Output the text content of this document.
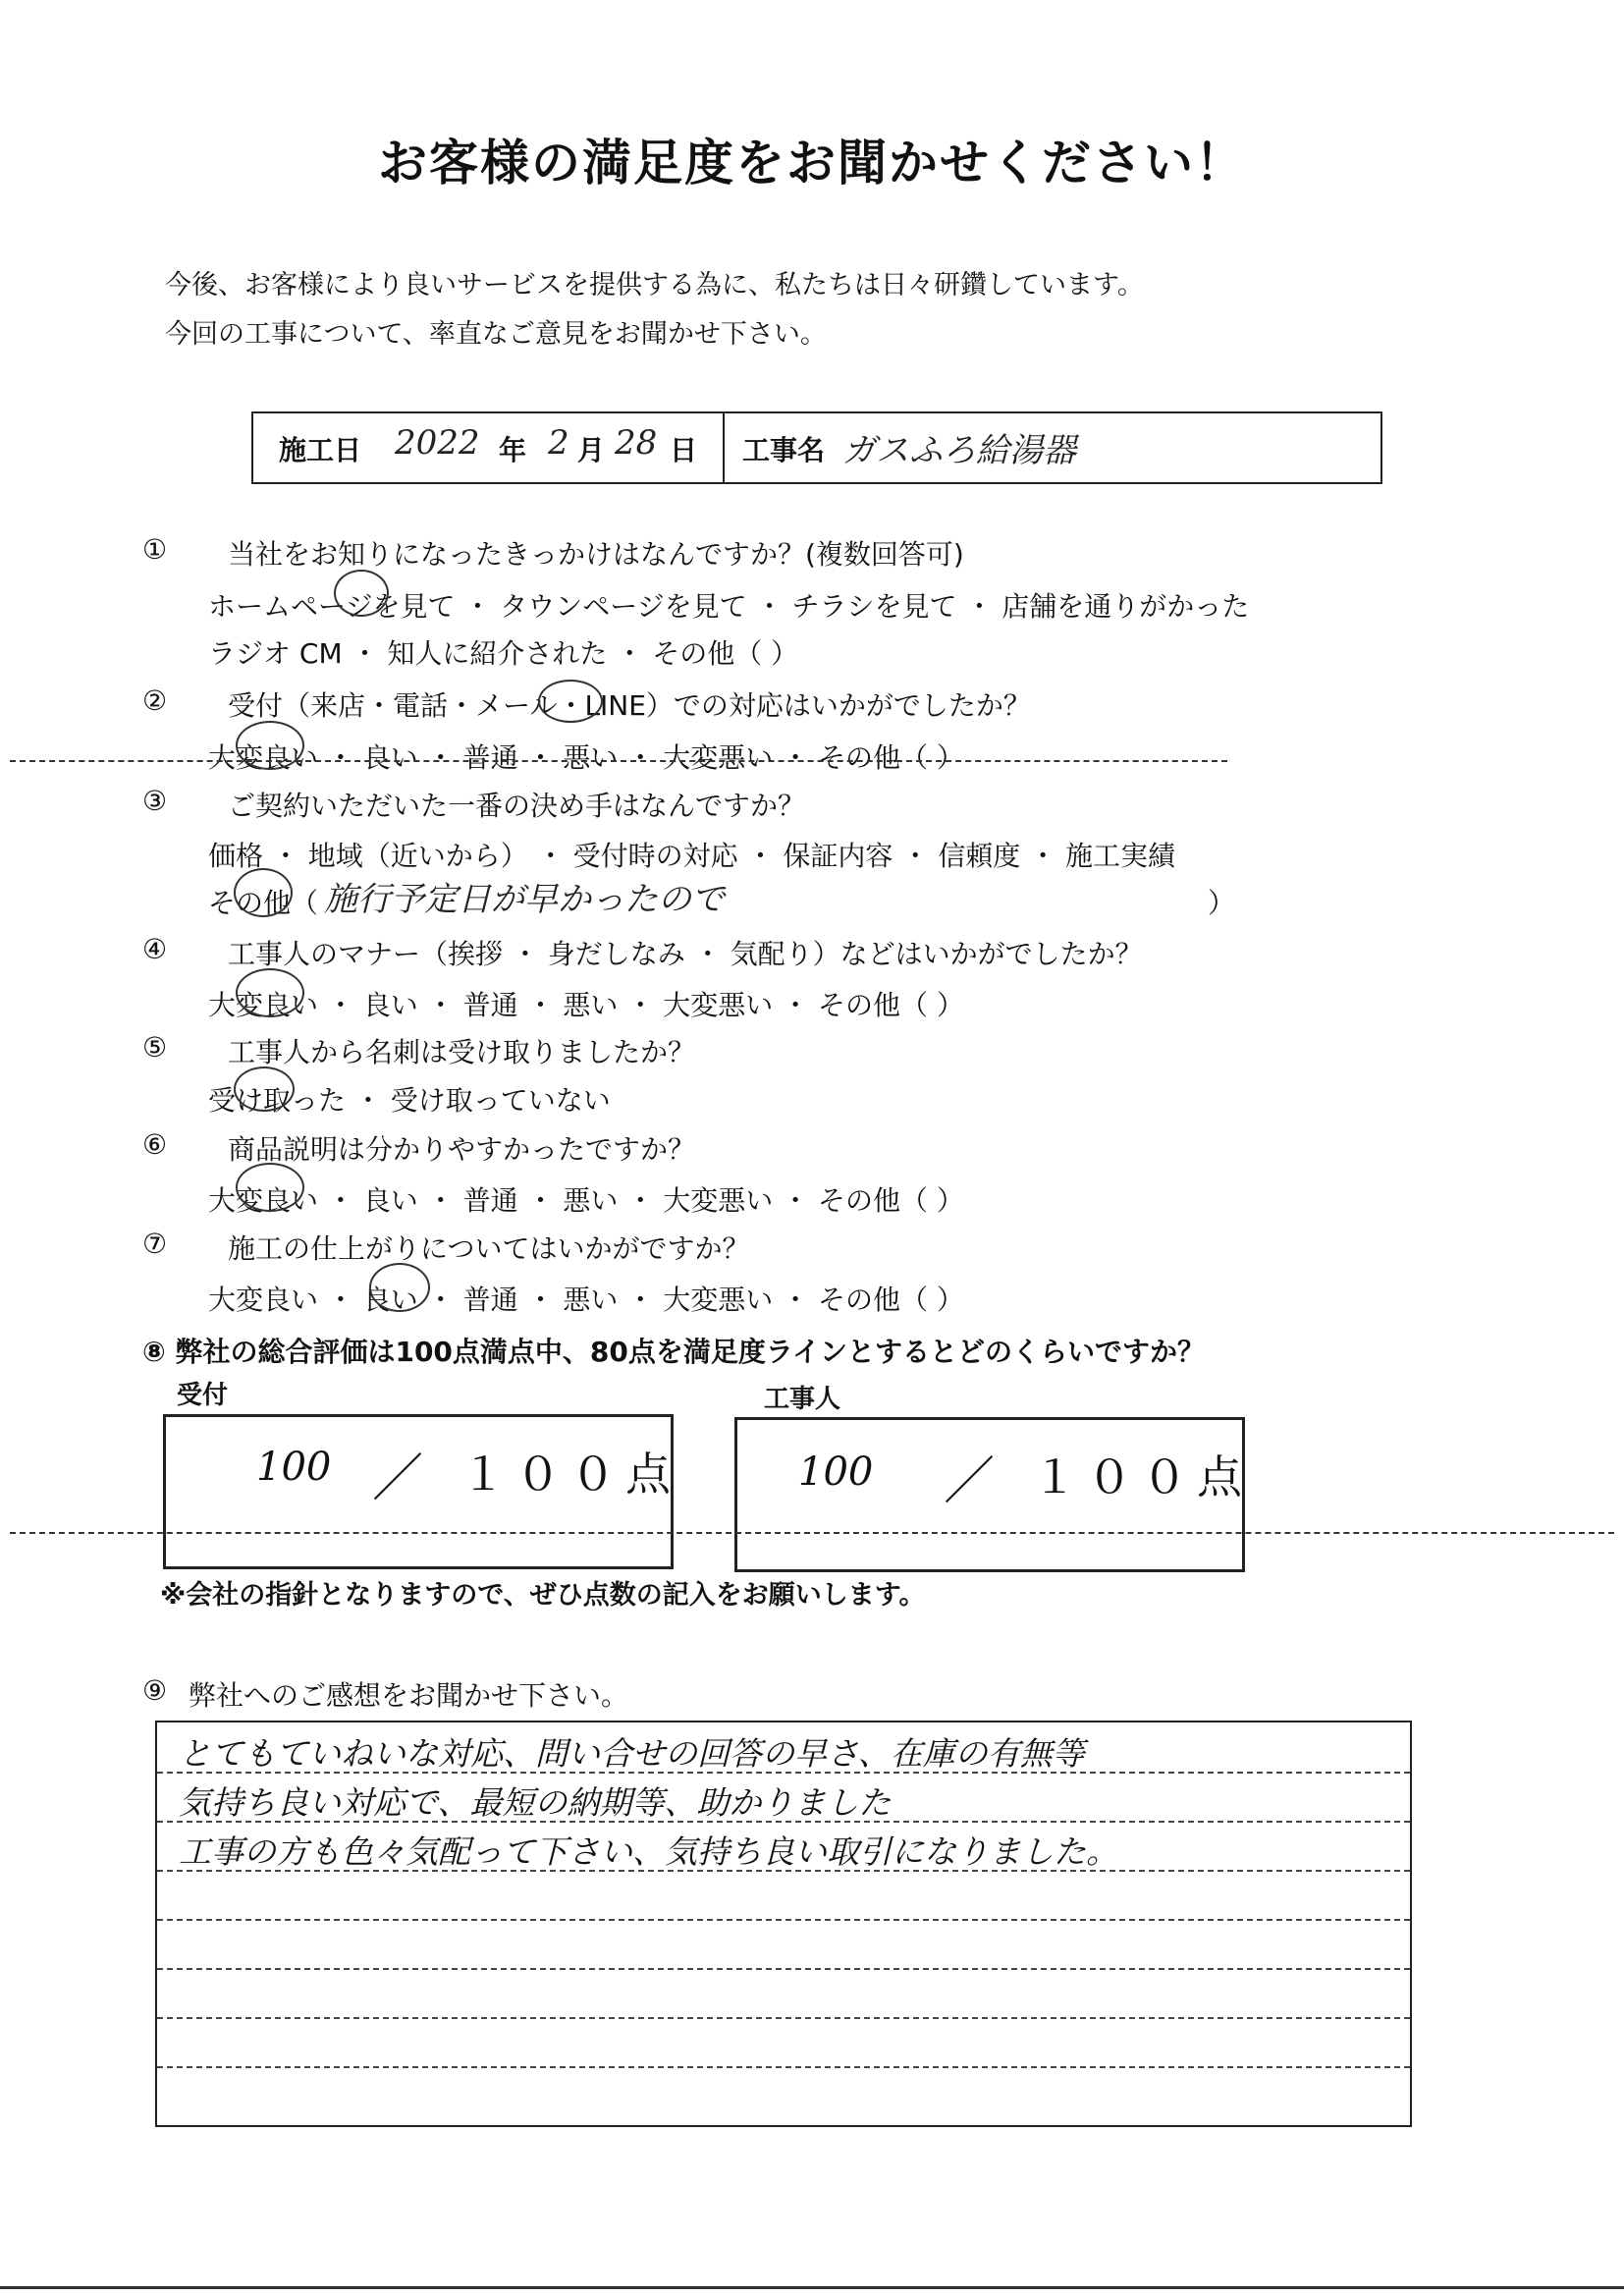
お客様の満足度をお聞かせください！
今後、お客様により良いサービスを提供する為に、私たちは日々研鑽しています。
今回の工事について、率直なご意見をお聞かせ下さい。
施工日 2022 年 2 月 28 日 工事名 ガスふろ給湯器
① 当社をお知りになったきっかけはなんですか？(複数回答可)
ホームページを見て ・ タウンページを見て ・ チラシを見て ・ 店舗を通りがかった
ラジオ CM ・ 知人に紹介された ・ その他（ ）
② 受付（来店・電話・メール・LINE）での対応はいかがでしたか？
大変良い ・ 良い ・ 普通 ・ 悪い ・ 大変悪い ・ その他（ ）
③ ご契約いただいた一番の決め手はなんですか？
価格 ・ 地域（近いから） ・ 受付時の対応 ・ 保証内容 ・ 信頼度 ・ 施工実績
その他（ 施行予定日が早かったので	）
④ 工事人のマナー（挨拶 ・ 身だしなみ ・ 気配り）などはいかがでしたか？
大変良い ・ 良い ・ 普通 ・ 悪い ・ 大変悪い ・ その他（ ）
⑤ 工事人から名刺は受け取りましたか？
受け取った ・ 受け取っていない
⑥ 商品説明は分かりやすかったですか？
大変良い ・ 良い ・ 普通 ・ 悪い ・ 大変悪い ・ その他（ ）
⑦ 施工の仕上がりについてはいかがですか？
大変良い ・ 良い ・ 普通 ・ 悪い ・ 大変悪い ・ その他（ ）
⑧ 弊社の総合評価は100点満点中、80点を満足度ラインとするとどのくらいですか？
受付	工事人
100 ／ １００点	100 ／ １００点
※会社の指針となりますので、ぜひ点数の記入をお願いします。
⑨ 弊社へのご感想をお聞かせ下さい。
とてもていねいな対応、問い合せの回答の早さ、在庫の有無等
気持ち良い対応で、最短の納期等、助かりました
工事の方も色々気配って下さい、気持ち良い取引になりました。
